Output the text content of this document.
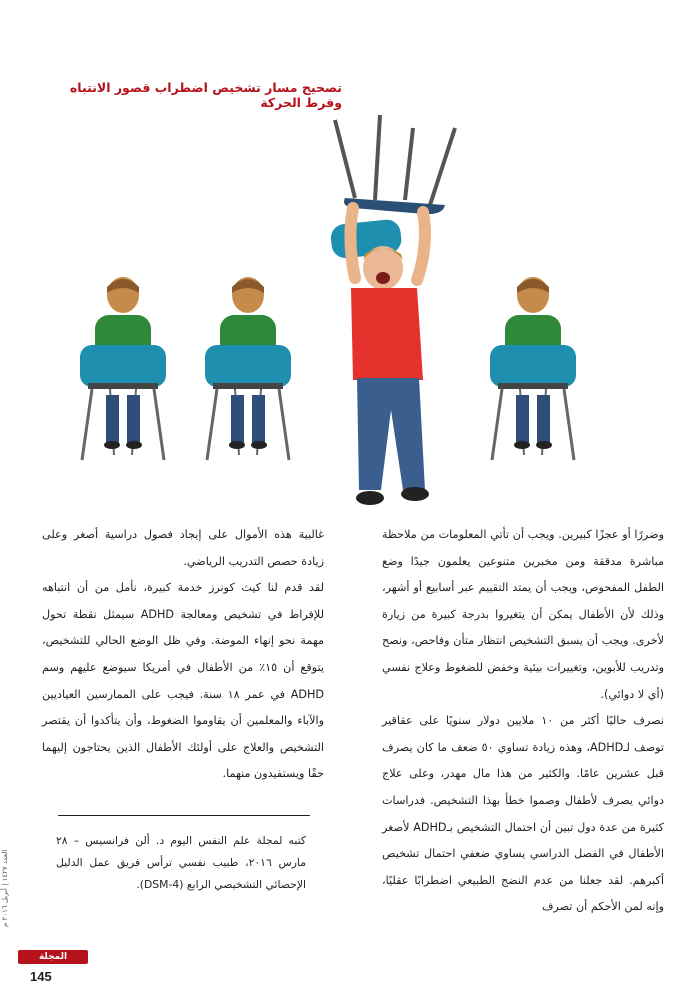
تصحيح مسار تشخيص اضطراب قصور الانتباه وفرط الحركة

وضررًا أو عجزًا كبيرين. ويجب أن تأتي المعلومات من ملاحظة مباشرة مدققة ومن مخبرين متنوعين يعلمون جيدًا وضع الطفل المفحوص، ويجب أن يمتد التقييم عبر أسابيع أو أشهر، وذلك لأن الأطفال يمكن أن يتغيروا بدرجة كبيرة من زيارة لأخرى. ويجب أن يسبق التشخيص انتظار متأن وفاحص، ونصح وتدريب للأبوين، وتغييرات بيئية وخفض للضغوط وعلاج نفسي (أي لا دوائي).

نصرف حاليًا أكثر من ١٠ ملايين دولار سنويًا على عقاقير توصف لـADHD، وهذه زيادة تساوي ٥٠ ضعف ما كان يصرف قبل عشرين عامًا. والكثير من هذا مال مهدر، وعلى علاج دوائي يصرف لأطفال وصموا خطأ بهذا التشخيص. فدراسات كثيرة من عدة دول تبين أن احتمال التشخيص بـADHD لأصغر الأطفال في الفصل الدراسي يساوي ضعفي احتمال تشخيص أكبرهم. لقد جعلنا من عدم النضج الطبيعي اضطرابًا عقليًا، وإنه لمن الأحكم أن تصرف

غالبية هذه الأموال على إيجاد فصول دراسية أصغر وعلى زيادة حصص التدريب الرياضي.

لقد قدم لنا كيث كونرز خدمة كبيرة، نأمل من أن انتباهه للإفراط في تشخيص ومعالجة ADHD سيمثل نقطة تحول مهمة نحو إنهاء الموضة. وفي ظل الوضع الحالي للتشخيص، يتوقع أن ١٥٪ من الأطفال في أمريكا سيوضع عليهم وسم ADHD في عمر ١٨ سنة. فيجب على الممارسين العياديين والآباء والمعلمين أن يقاوموا الضغوط، وأن يتأكدوا أن يقتصر التشخيص والعلاج على أولئك الأطفال الذين يحتاجون إليهما حقًا ويستفيدون منهما.

كتبه لمجلة علم النفس اليوم د. ألن فرانسيس – ٢٨ مارس ٢٠١٦، طبيب نفسي ترأس فريق عمل الدليل الإحصائي التشخيصي الرابع (DSM-4).
العدد ١٤٢٧ | أبريل ٢٠١٦ م
المجلة
145
